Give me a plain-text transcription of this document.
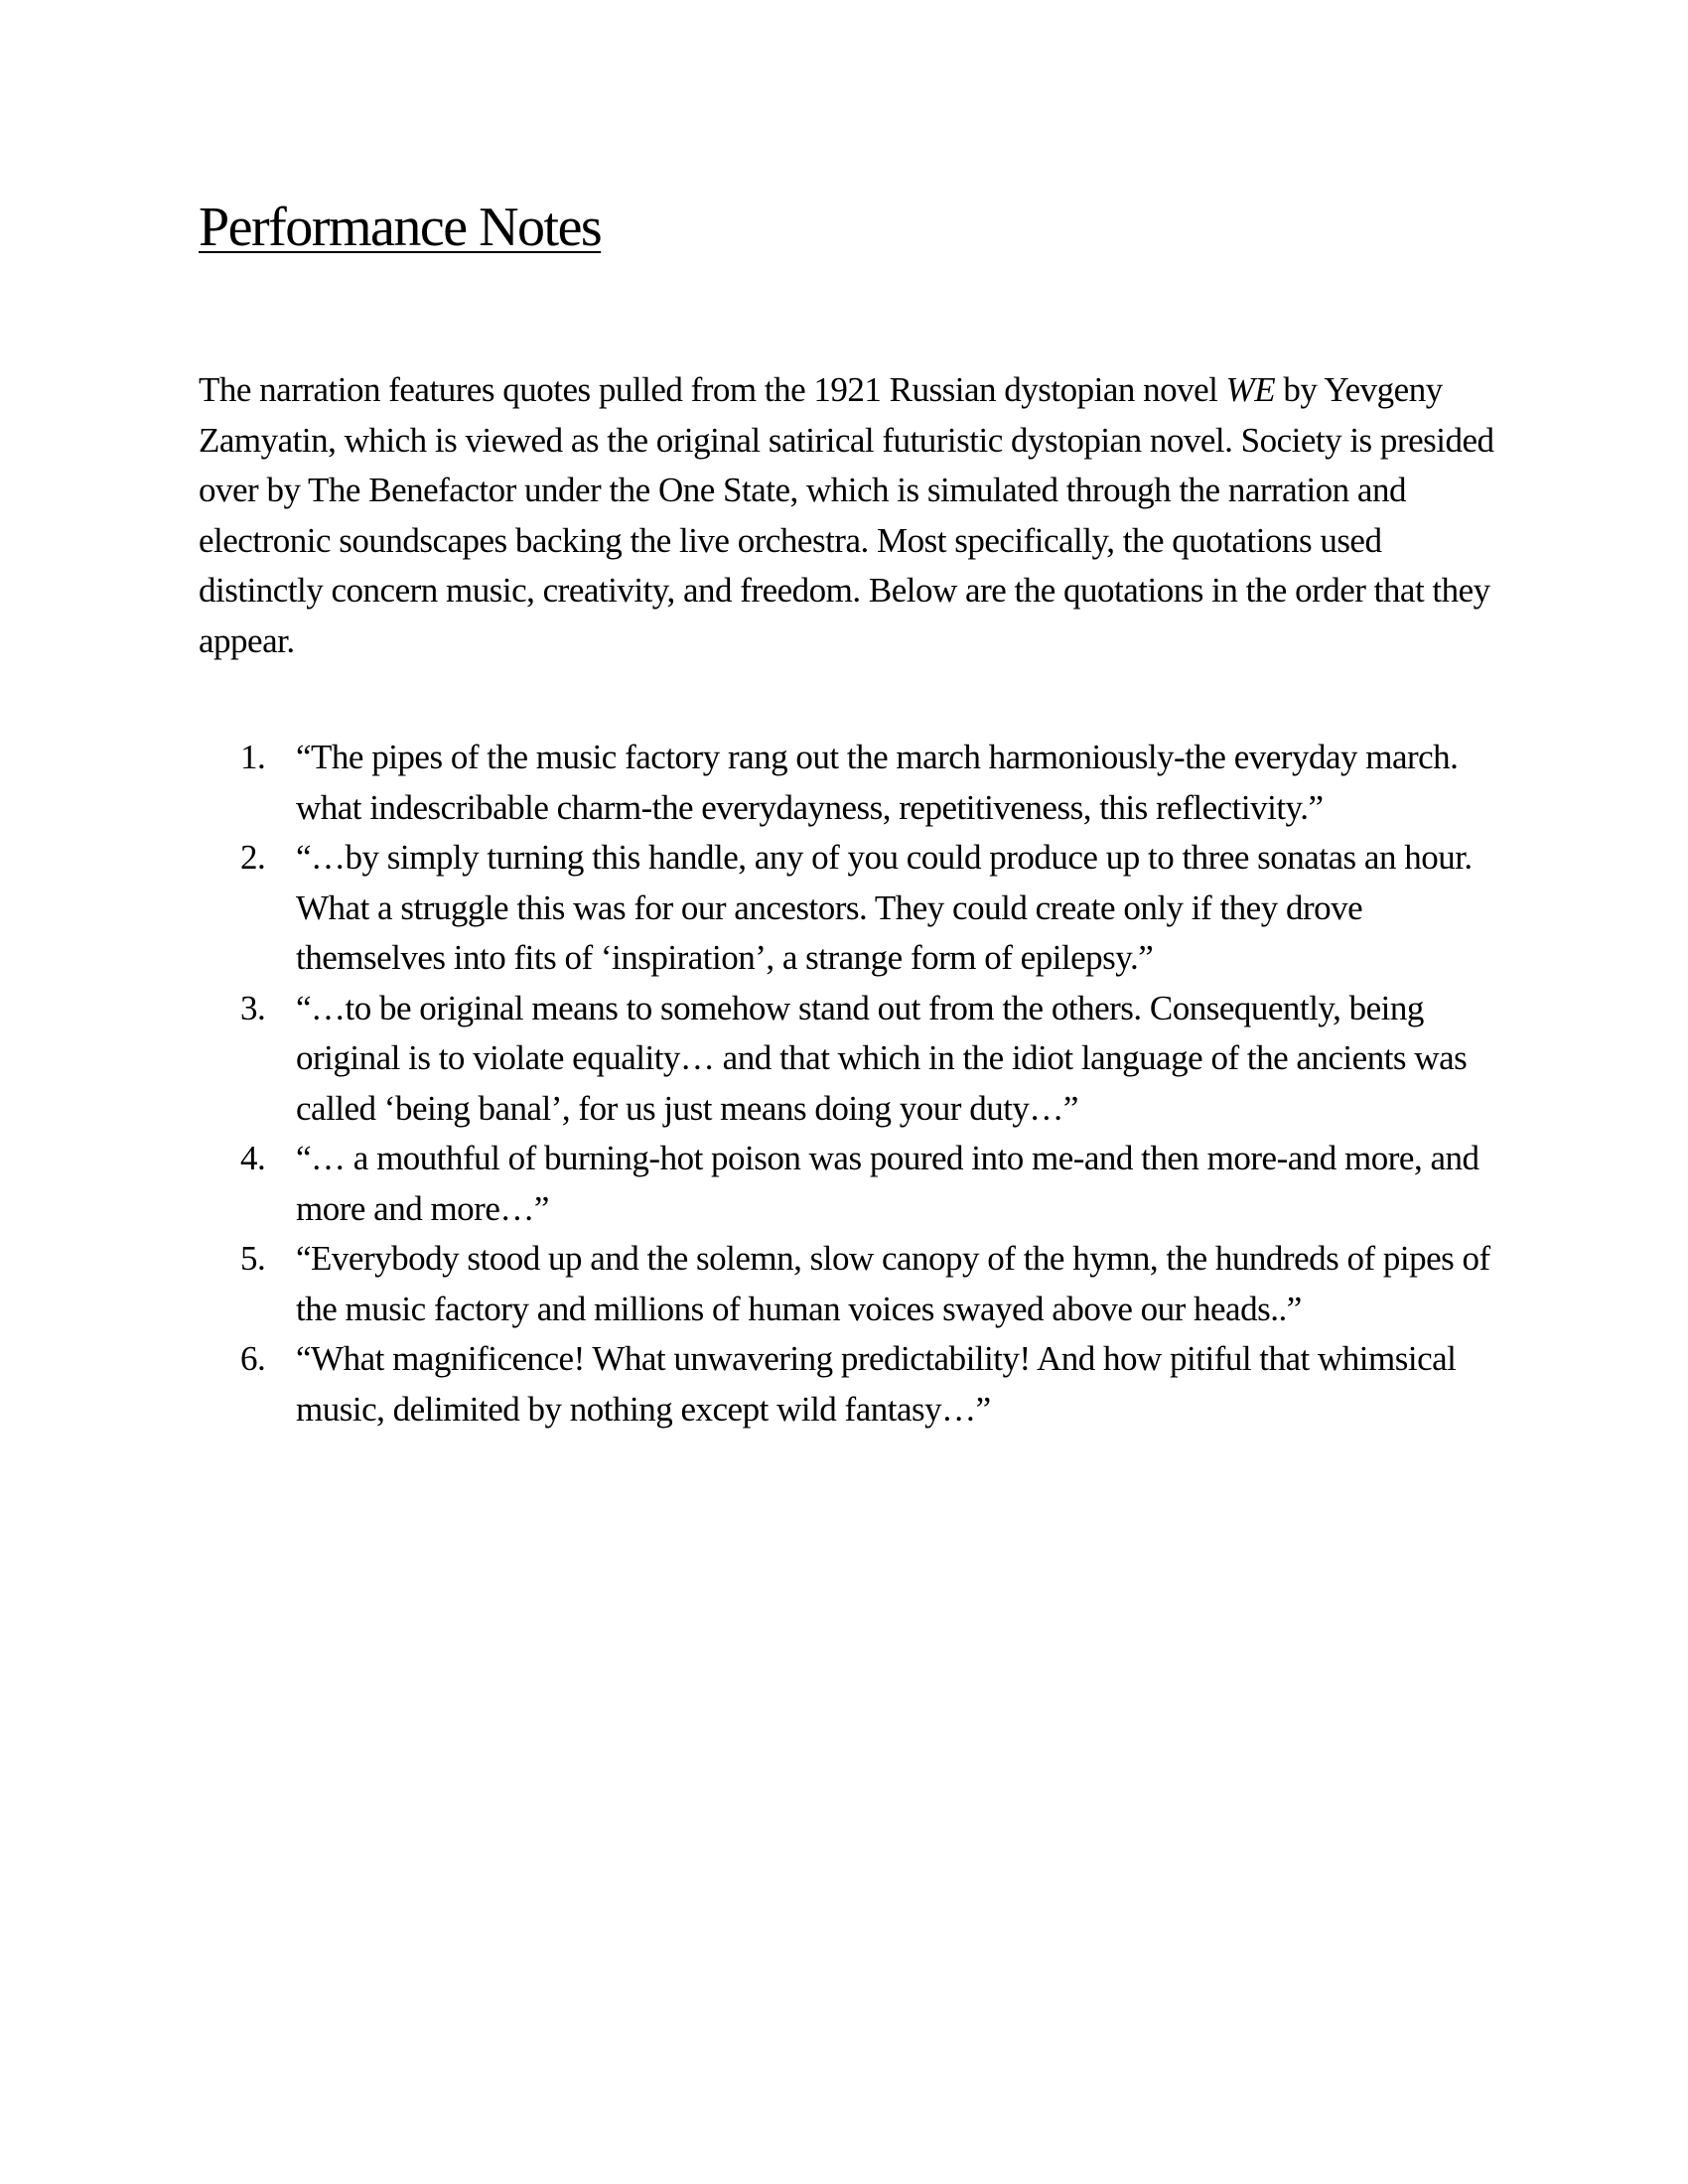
Performance Notes

The narration features quotes pulled from the 1921 Russian dystopian novel WE by Yevgeny Zamyatin, which is viewed as the original satirical futuristic dystopian novel. Society is presided over by The Benefactor under the One State, which is simulated through the narration and electronic soundscapes backing the live orchestra. Most specifically, the quotations used distinctly concern music, creativity, and freedom. Below are the quotations in the order that they appear.

1. “The pipes of the music factory rang out the march harmoniously-the everyday march. what indescribable charm-the everydayness, repetitiveness, this reflectivity.”
2. “…by simply turning this handle, any of you could produce up to three sonatas an hour. What a struggle this was for our ancestors. They could create only if they drove themselves into fits of ‘inspiration’, a strange form of epilepsy.”
3. “…to be original means to somehow stand out from the others. Consequently, being original is to violate equality… and that which in the idiot language of the ancients was called ‘being banal’, for us just means doing your duty…”
4. “… a mouthful of burning-hot poison was poured into me-and then more-and more, and more and more…”
5. “Everybody stood up and the solemn, slow canopy of the hymn, the hundreds of pipes of the music factory and millions of human voices swayed above our heads..”
6. “What magnificence! What unwavering predictability! And how pitiful that whimsical music, delimited by nothing except wild fantasy…”
